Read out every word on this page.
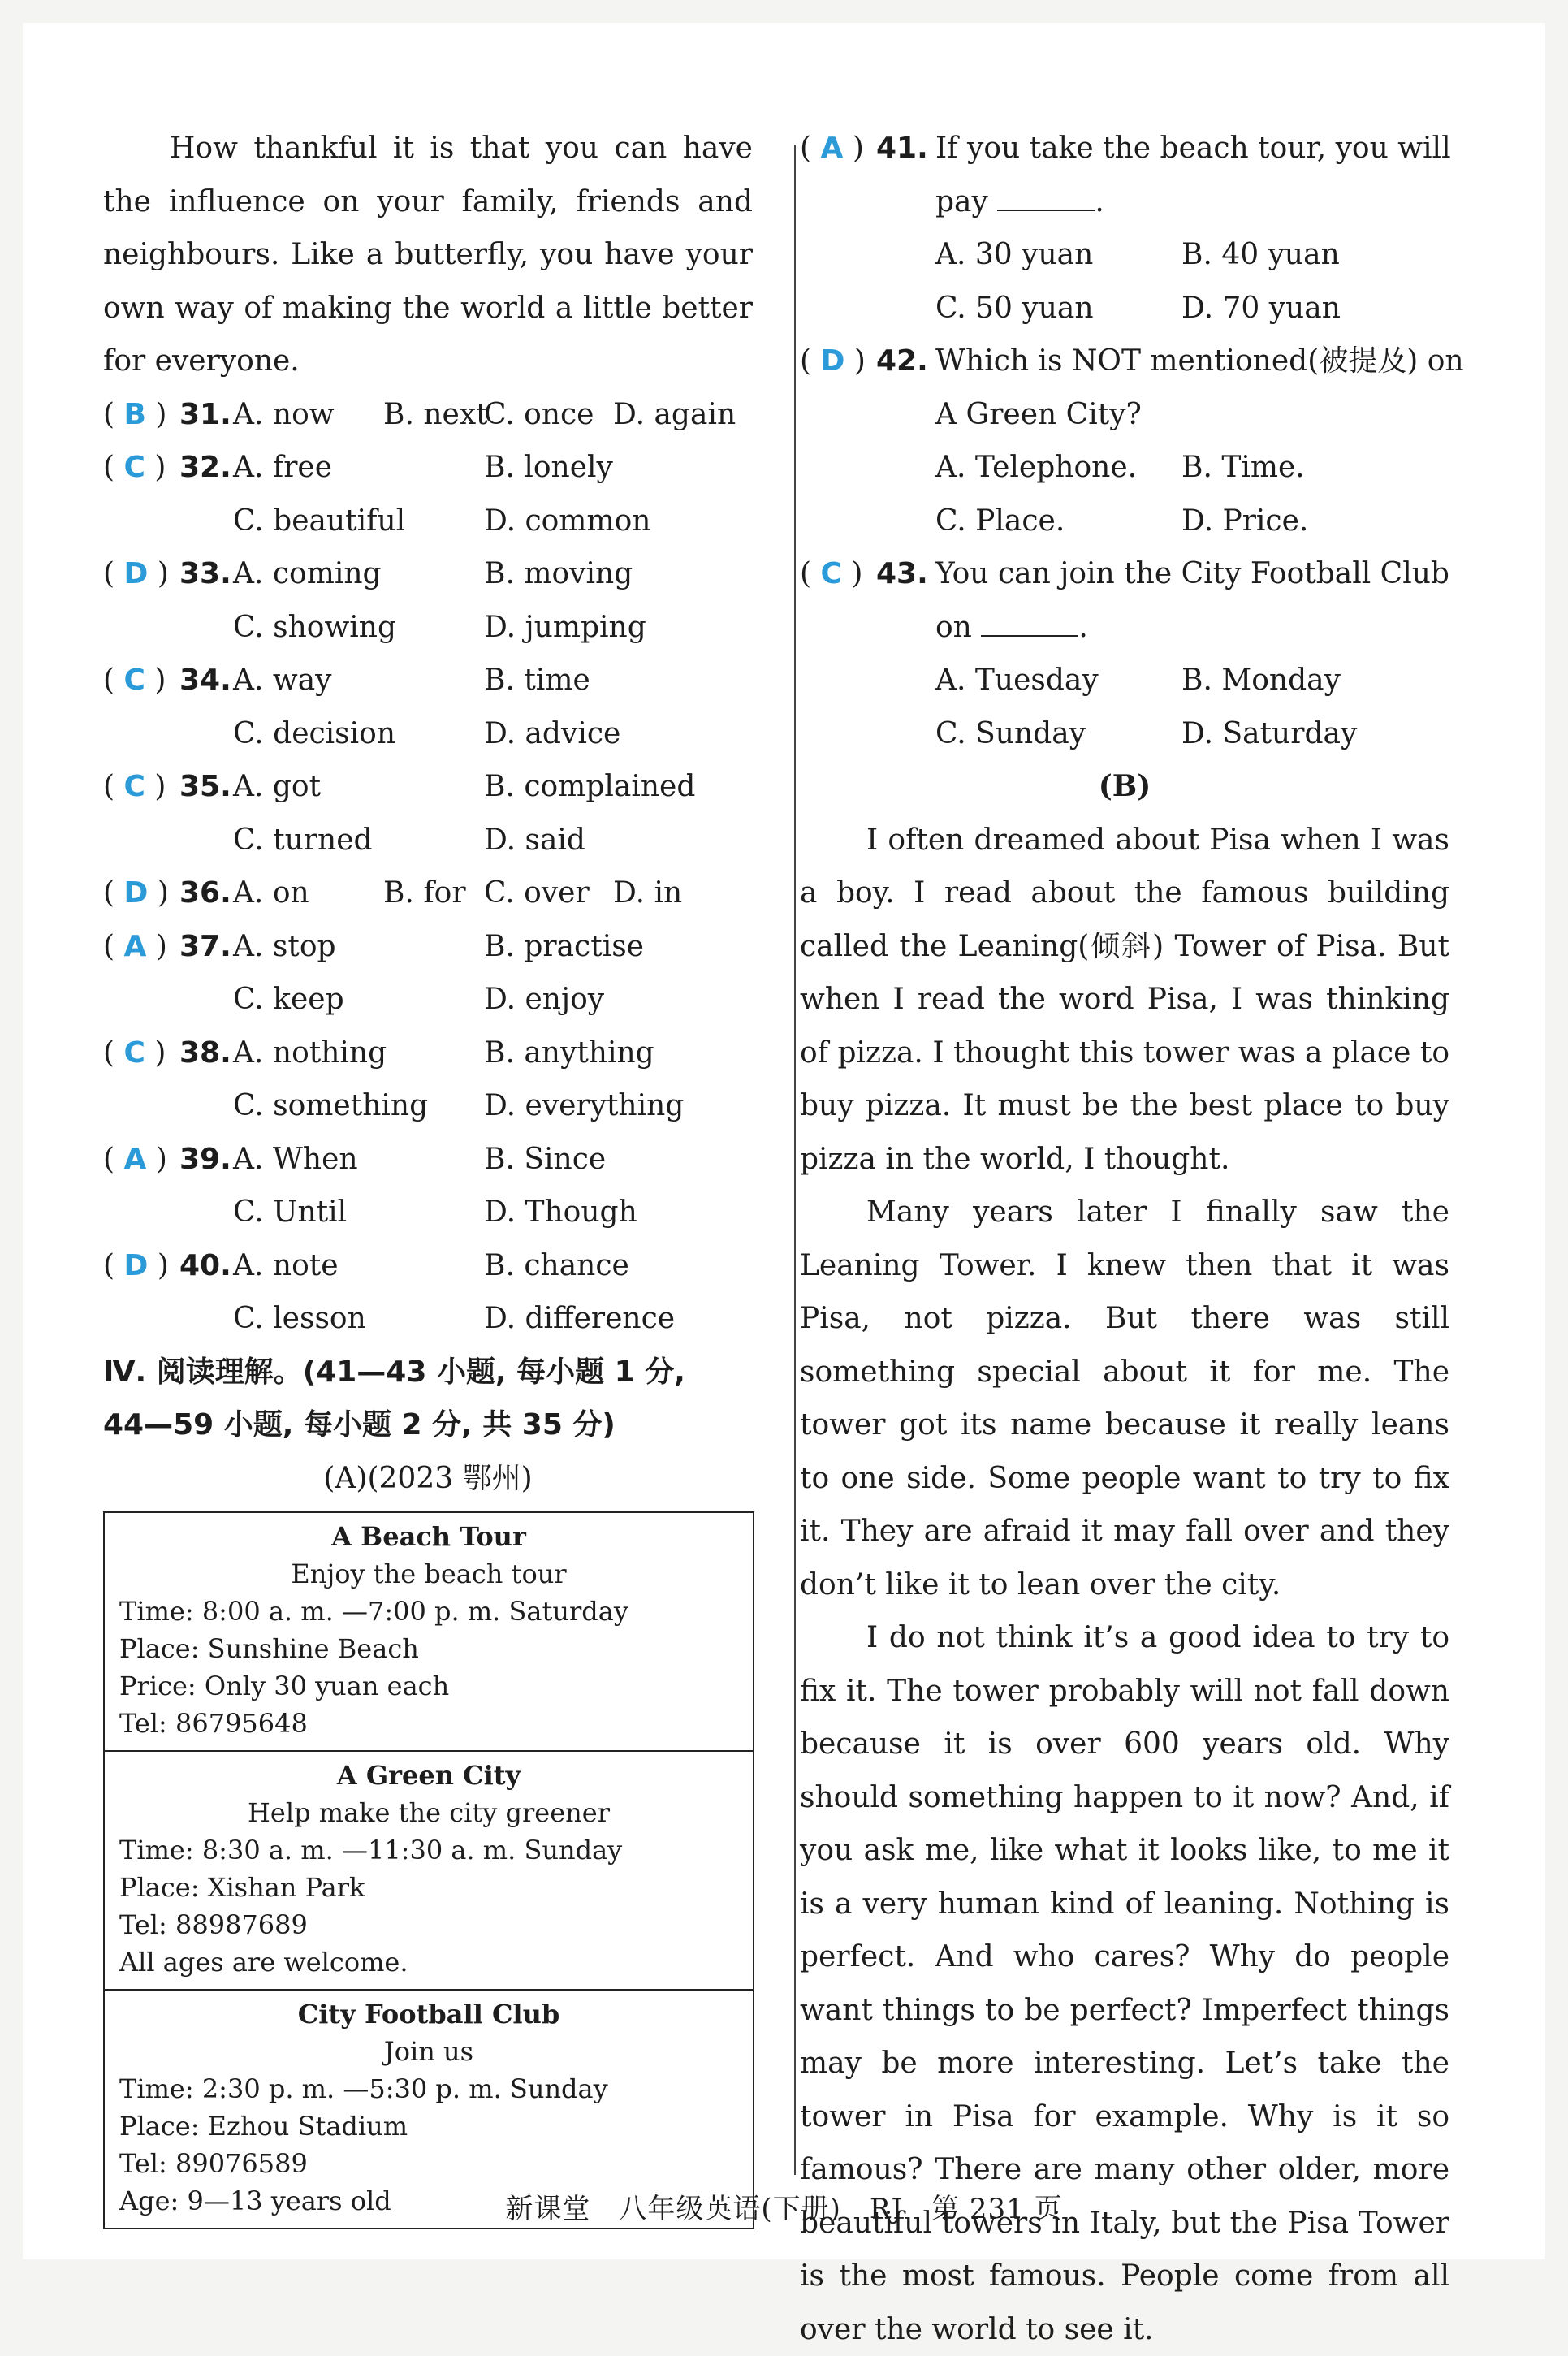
How thankful it is that you can have the influence on your family, friends and neighbours. Like a butterfly, you have your own way of making the world a little better for everyone.

( B ) 31. A. now B. next
C. once D. again
( C ) 32. A. free	B. lonely
C. beautiful	D. common
( D ) 33. A. coming	B. moving
C. showing	D. jumping
( C ) 34. A. way	B. time
C. decision	D. advice
( C ) 35. A. got	B. complained
C. turned	D. said
( D ) 36. A. on	B. for C. over D. in
( A ) 37. A. stop	B. practise
C. keep	D. enjoy
( C ) 38. A. nothing	B. anything
C. something D. everything
( A ) 39. A. When	B. Since
C. Until	D. Though
( D ) 40. A. note	B. chance
C. lesson	D. difference
Ⅳ. 阅读理解。(41—43 小题, 每小题 1 分,
44—59 小题, 每小题 2 分, 共 35 分)
(A)(2023 鄂州)
A Beach Tour
Enjoy the beach tour
Time: 8:00 a. m. —7:00 p. m. Saturday
Place: Sunshine Beach
Price: Only 30 yuan each
Tel: 86795648

A Green City
Help make the city greener
Time: 8:30 a. m. —11:30 a. m. Sunday
Place: Xishan Park
Tel: 88987689
All ages are welcome.

City Football Club
Join us
Time: 2:30 p. m. —5:30 p. m. Sunday
Place: Ezhou Stadium
Tel: 89076589
Age: 9—13 years old
( A ) 41. If you take the beach tour, you will
pay	.
A. 30 yuan	B. 40 yuan
C. 50 yuan	D. 70 yuan
( D ) 42. Which is NOT mentioned(被提及) on
A Green City?
A. Telephone. B. Time.
C. Place.	D. Price.
( C ) 43. You can join the City Football Club
on	.
A. Tuesday	B. Monday
C. Sunday	D. Saturday
(B)

I often dreamed about Pisa when I was a boy. I read about the famous building called the Leaning(倾斜) Tower of Pisa. But when I read the word Pisa, I was thinking of pizza. I thought this tower was a place to buy pizza. It must be the best place to buy pizza in the world, I thought.

Many years later I finally saw the Leaning Tower. I knew then that it was Pisa, not pizza. But there was still something special about it for me. The tower got its name because it really leans to one side. Some people want to try to fix it. They are afraid it may fall over and they don’t like it to lean over the city.

I do not think it’s a good idea to try to fix it. The tower probably will not fall down because it is over 600 years old. Why should something happen to it now? And, if you ask me, like what it looks like, to me it is a very human kind of leaning. Nothing is perfect. And who cares? Why do people want things to be perfect? Imperfect things may be more interesting. Let’s take the tower in Pisa for example. Why is it so famous? There are many other older, more beautiful towers in Italy, but the Pisa Tower is the most famous. People come from all over the world to see it.

新课堂　八年级英语(下册)　RJ　第 231 页
